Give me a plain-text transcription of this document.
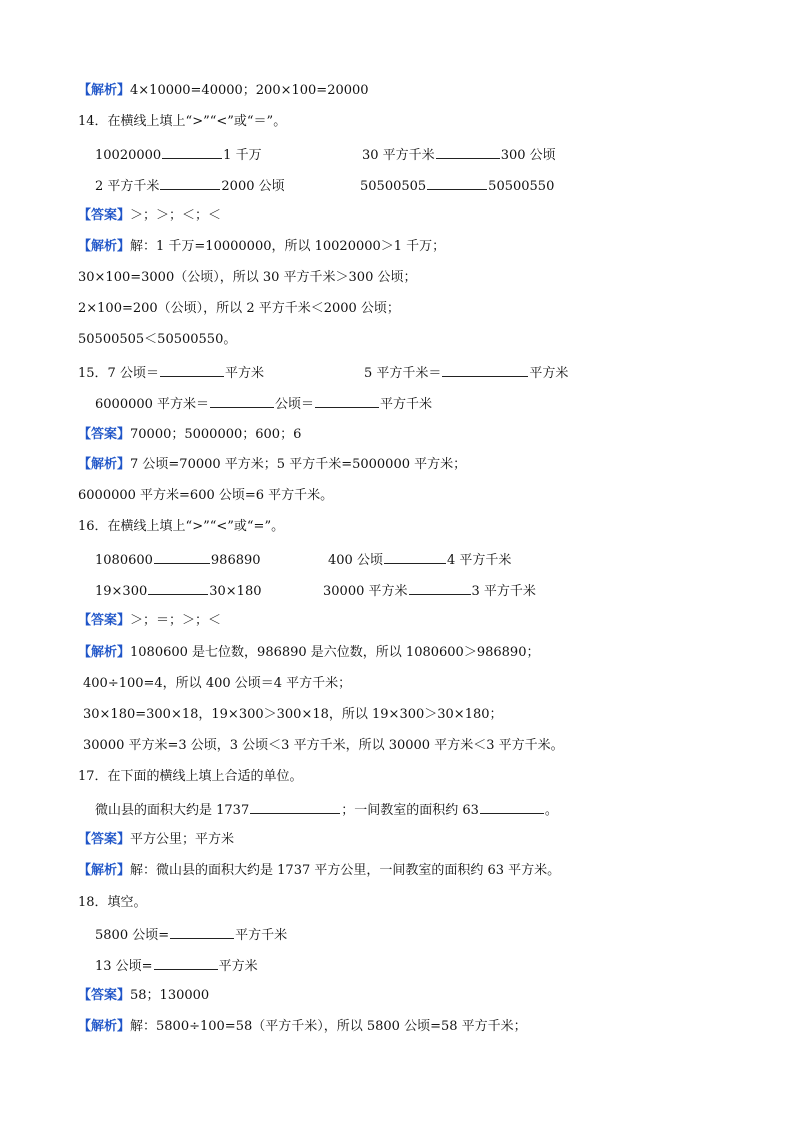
【解析】4×10000=40000；200×100=20000
14．在横线上填上“>”“<”或“＝”。
10020000	1 千万	30 平方千米	300 公顷
2 平方千米	2000 公顷	50500505	50500550
【答案】＞；＞；＜；＜
【解析】解：1 千万=10000000，所以 10020000＞1 千万；
30×100=3000（公顷），所以 30 平方千米＞300 公顷；
2×100=200（公顷），所以 2 平方千米＜2000 公顷；
50500505＜50500550。
15．7 公顷＝	平方米	5 平方千米＝	平方米
6000000 平方米＝	公顷＝	平方千米
【答案】70000；5000000；600；6
【解析】7 公顷=70000 平方米；5 平方千米=5000000 平方米；
6000000 平方米=600 公顷=6 平方千米。
16．在横线上填上“>”“<”或“=”。
1080600	986890	400 公顷	4 平方千米
19×300	30×180	30000 平方米	3 平方千米
【答案】＞；＝；＞；＜
【解析】1080600 是七位数，986890 是六位数，所以 1080600＞986890；
400÷100=4，所以 400 公顷＝4 平方千米；
30×180=300×18，19×300＞300×18，所以 19×300＞30×180；
30000 平方米=3 公顷，3 公顷＜3 平方千米，所以 30000 平方米＜3 平方千米。
17．在下面的横线上填上合适的单位。
微山县的面积大约是 1737	；一间教室的面积约 63	。
【答案】平方公里；平方米
【解析】解：微山县的面积大约是 1737 平方公里，一间教室的面积约 63 平方米。
18．填空。
5800 公顷=	平方千米
13 公顷=	平方米
【答案】58；130000
【解析】解：5800÷100=58（平方千米），所以 5800 公顷=58 平方千米；
